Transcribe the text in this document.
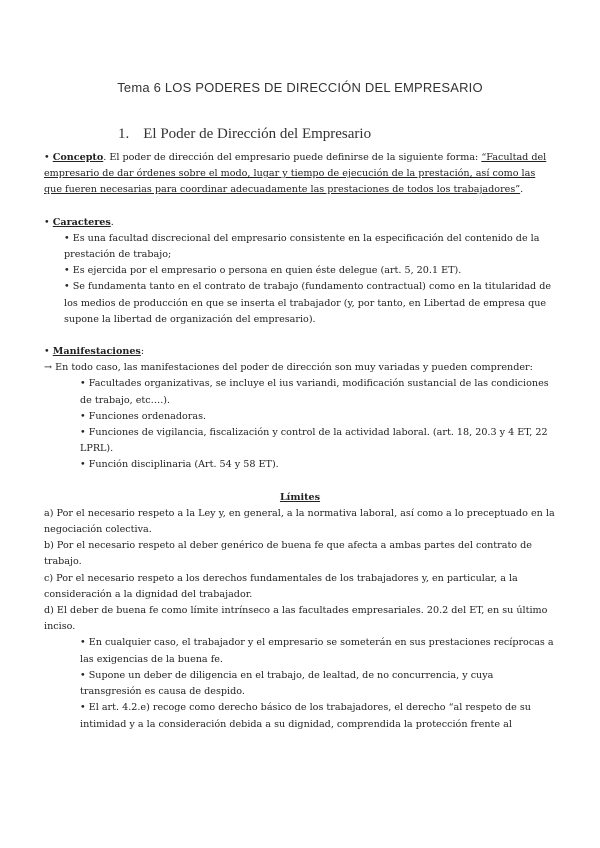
Tema 6 LOS PODERES DE DIRECCIÓN DEL EMPRESARIO
1. El Poder de Dirección del Empresario

• Concepto. El poder de dirección del empresario puede definirse de la siguiente forma: “Facultad del empresario de dar órdenes sobre el modo, lugar y tiempo de ejecución de la prestación, así como las que fueren necesarias para coordinar adecuadamente las prestaciones de todos los trabajadores”.

• Caracteres.

• Es una facultad discrecional del empresario consistente en la especificación del contenido de la prestación de trabajo;

• Es ejercida por el empresario o persona en quien éste delegue (art. 5, 20.1 ET).

• Se fundamenta tanto en el contrato de trabajo (fundamento contractual) como en la titularidad de los medios de producción en que se inserta el trabajador (y, por tanto, en Libertad de empresa que supone la libertad de organización del empresario).

• Manifestaciones:

→ En todo caso, las manifestaciones del poder de dirección son muy variadas y pueden comprender:

• Facultades organizativas, se incluye el ius variandi, modificación sustancial de las condiciones de trabajo, etc….).

• Funciones ordenadoras.

• Funciones de vigilancia, fiscalización y control de la actividad laboral. (art. 18, 20.3 y 4 ET, 22 LPRL).

• Función disciplinaria (Art. 54 y 58 ET).

Límites

a) Por el necesario respeto a la Ley y, en general, a la normativa laboral, así como a lo preceptuado en la negociación colectiva.

b) Por el necesario respeto al deber genérico de buena fe que afecta a ambas partes del contrato de trabajo.

c) Por el necesario respeto a los derechos fundamentales de los trabajadores y, en particular, a la consideración a la dignidad del trabajador.

d) El deber de buena fe como límite intrínseco a las facultades empresariales. 20.2 del ET, en su último inciso.

• En cualquier caso, el trabajador y el empresario se someterán en sus prestaciones recíprocas a las exigencias de la buena fe.

• Supone un deber de diligencia en el trabajo, de lealtad, de no concurrencia, y cuya transgresión es causa de despido.

• El art. 4.2.e) recoge como derecho básico de los trabajadores, el derecho “al respeto de su intimidad y a la consideración debida a su dignidad, comprendida la protección frente al
